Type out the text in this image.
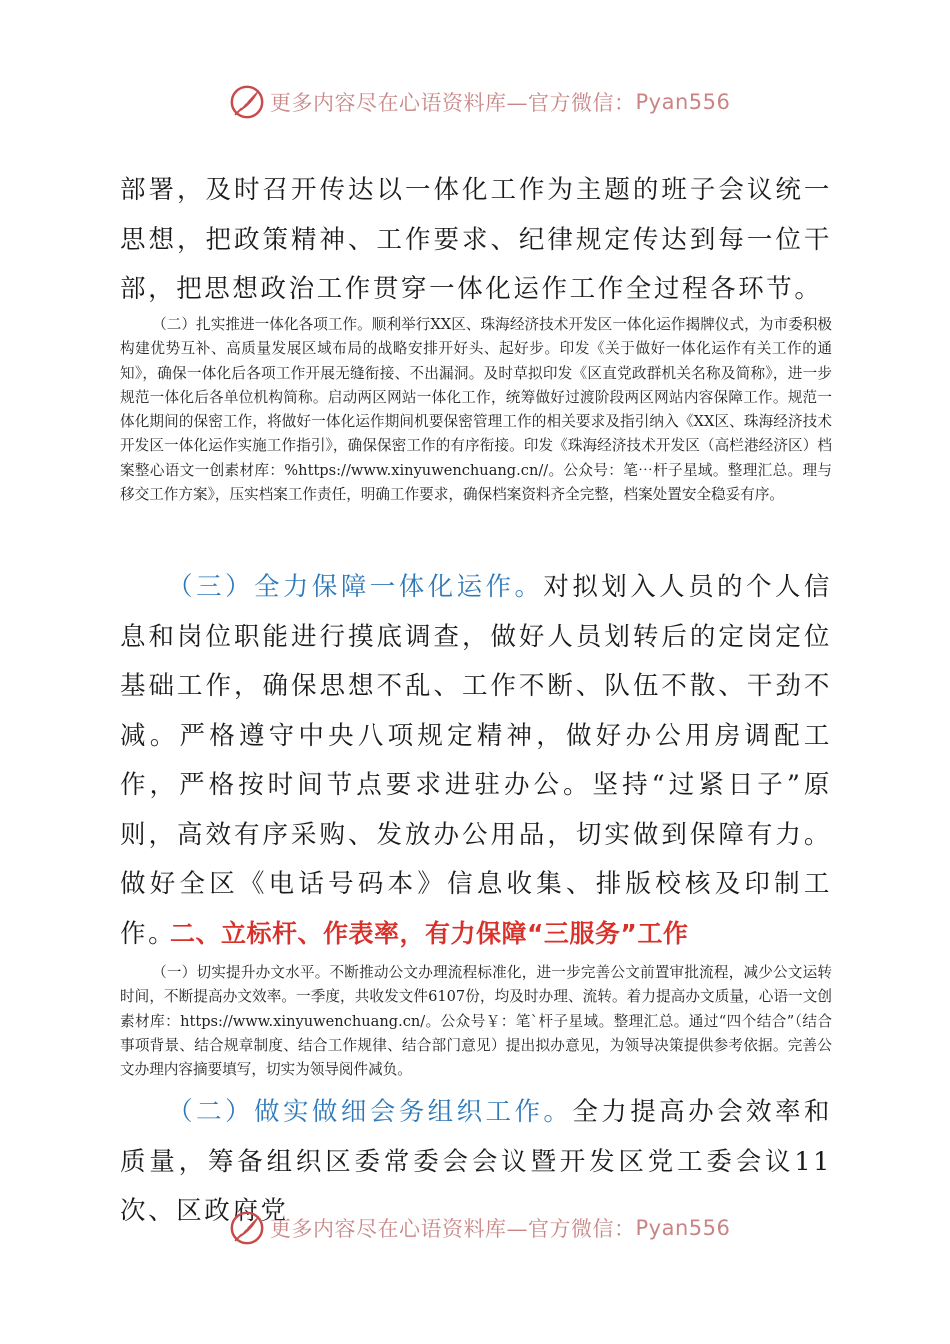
更多内容尽在心语资料库—官方微信： Pyan556

部署，及时召开传达以一体化工作为主题的班子会议统一思想，把政策精神、工作要求、纪律规定传达到每一位干部，把思想政治工作贯穿一体化运作工作全过程各环节。

（二）扎实推进一体化各项工作。顺利举行XX区、珠海经济技术开发区一体化运作揭牌仪式，为市委积极构建优势互补、高质量发展区域布局的战略安排开好头、起好步。印发《关于做好一体化运作有关工作的通知》，确保一体化后各项工作开展无缝衔接、不出漏洞。及时草拟印发《区直党政群机关名称及简称》，进一步规范一体化后各单位机构简称。启动两区网站一体化工作，统筹做好过渡阶段两区网站内容保障工作。规范一体化期间的保密工作，将做好一体化运作期间机要保密管理工作的相关要求及指引纳入《XX区、珠海经济技术开发区一体化运作实施工作指引》，确保保密工作的有序衔接。印发《珠海经济技术开发区（高栏港经济区）档案整心语文一创素材库：%https://www.xinyuwenchuang.cn//。公众号：笔⋯杆子星域。整理汇总。理与移交工作方案》，压实档案工作责任，明确工作要求，确保档案资料齐全完整，档案处置安全稳妥有序。

（三）全力保障一体化运作。对拟划入人员的个人信息和岗位职能进行摸底调查，做好人员划转后的定岗定位基础工作，确保思想不乱、工作不断、队伍不散、干劲不减。严格遵守中央八项规定精神，做好办公用房调配工作，严格按时间节点要求进驻办公。坚持“过紧日子”原则，高效有序采购、发放办公用品，切实做到保障有力。做好全区《电话号码本》信息收集、排版校核及印制工作。

二、立标杆、作表率，有力保障“三服务”工作

（一）切实提升办文水平。不断推动公文办理流程标准化，进一步完善公文前置审批流程，减少公文运转时间，不断提高办文效率。一季度，共收发文件6107份，均及时办理、流转。着力提高办文质量，心语一文创素材库：https://www.xinyuwenchuang.cn/。公众号￥：笔`杆子星域。整理汇总。通过“四个结合”（结合事项背景、结合规章制度、结合工作规律、结合部门意见）提出拟办意见，为领导决策提供参考依据。完善公文办理内容摘要填写，切实为领导阅件减负。

（二）做实做细会务组织工作。全力提高办会效率和质量，筹备组织区委常委会会议暨开发区党工委会议11次、区政府党

更多内容尽在心语资料库—官方微信： Pyan556
